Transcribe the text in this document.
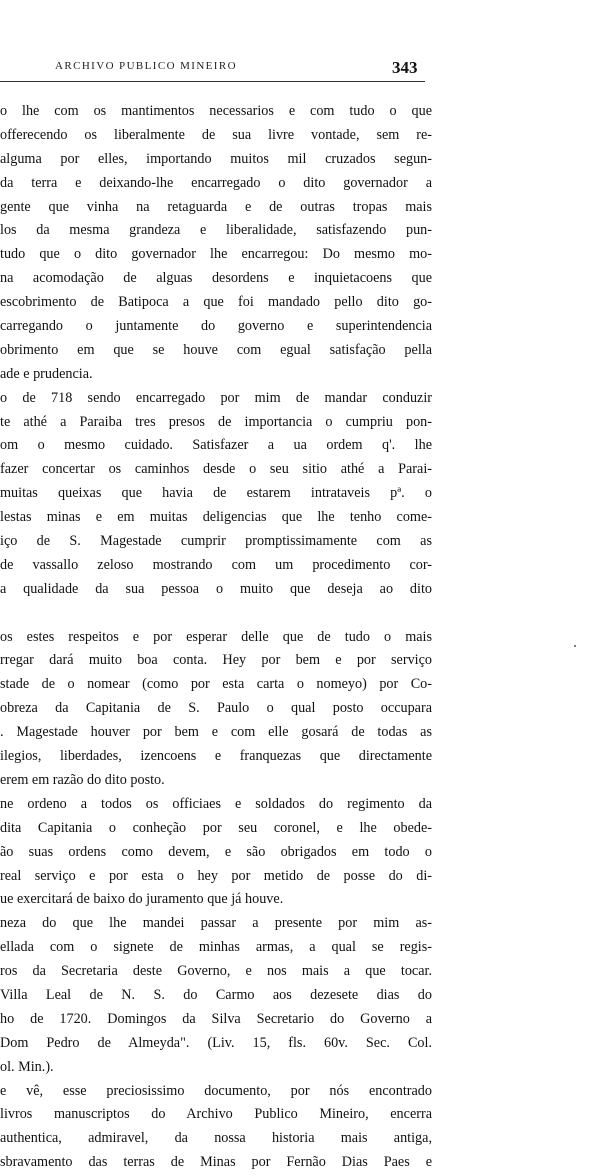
ARCHIVO PUBLICO MINEIRO	343
o lhe com os mantimentos necessarios e com tudo o que
offerecendo os liberalmente de sua livre vontade, sem re-
alguma por elles, importando muitos mil cruzados segun-
da terra e deixando-lhe encarregado o dito governador a
gente que vinha na retaguarda e de outras tropas mais
los da mesma grandeza e liberalidade, satisfazendo pun-
tudo que o dito governador lhe encarregou: Do mesmo mo-
na acomodação de alguas desordens e inquietacoens que
escobrimento de Batipoca a que foi mandado pello dito go-
carregando o juntamente do governo e superintendencia
obrimento em que se houve com egual satisfação pella
ade e prudencia.
o de 718 sendo encarregado por mim de mandar conduzir
te athé a Paraiba tres presos de importancia o cumpriu pon-
om o mesmo cuidado. Satisfazer a ua ordem q'. lhe
fazer concertar os caminhos desde o seu sitio athé a Parai-
muitas queixas que havia de estarem intrataveis pª. o
lestas minas e em muitas deligencias que lhe tenho come-
iço de S. Magestade cumprir promptissimamente com as
de vassallo zeloso mostrando com um procedimento cor-
a qualidade da sua pessoa o muito que deseja ao dito
os estes respeitos e por esperar delle que de tudo o mais
rregar dará muito boa conta. Hey por bem e por serviço
stade de o nomear (como por esta carta o nomeyo) por Co-
obreza da Capitania de S. Paulo o qual posto occupara
. Magestade houver por bem e com elle gosará de todas as
ilegios, liberdades, izencoens e franquezas que directamente
erem em razão do dito posto.
ne ordeno a todos os officiaes e soldados do regimento da
dita Capitania o conheção por seu coronel, e lhe obede-
ão suas ordens como devem, e são obrigados em todo o
real serviço e por esta o hey por metido de posse do di-
ue exercitará de baixo do juramento que já houve.
neza do que lhe mandei passar a presente por mim as-
ellada com o signete de minhas armas, a qual se regis-
ros da Secretaria deste Governo, e nos mais a que tocar.
Villa Leal de N. S. do Carmo aos dezesete dias do
ho de 1720. Domingos da Silva Secretario do Governo a
Dom Pedro de Almeyda". (Liv. 15, fls. 60v. Sec. Col.
ol. Min.).
e vê, esse preciosissimo documento, por nós encontrado
livros manuscriptos do Archivo Publico Mineiro, encerra
authentica, admiravel, da nossa historia mais antiga,
sbravamento das terras de Minas por Fernão Dias Paes e
